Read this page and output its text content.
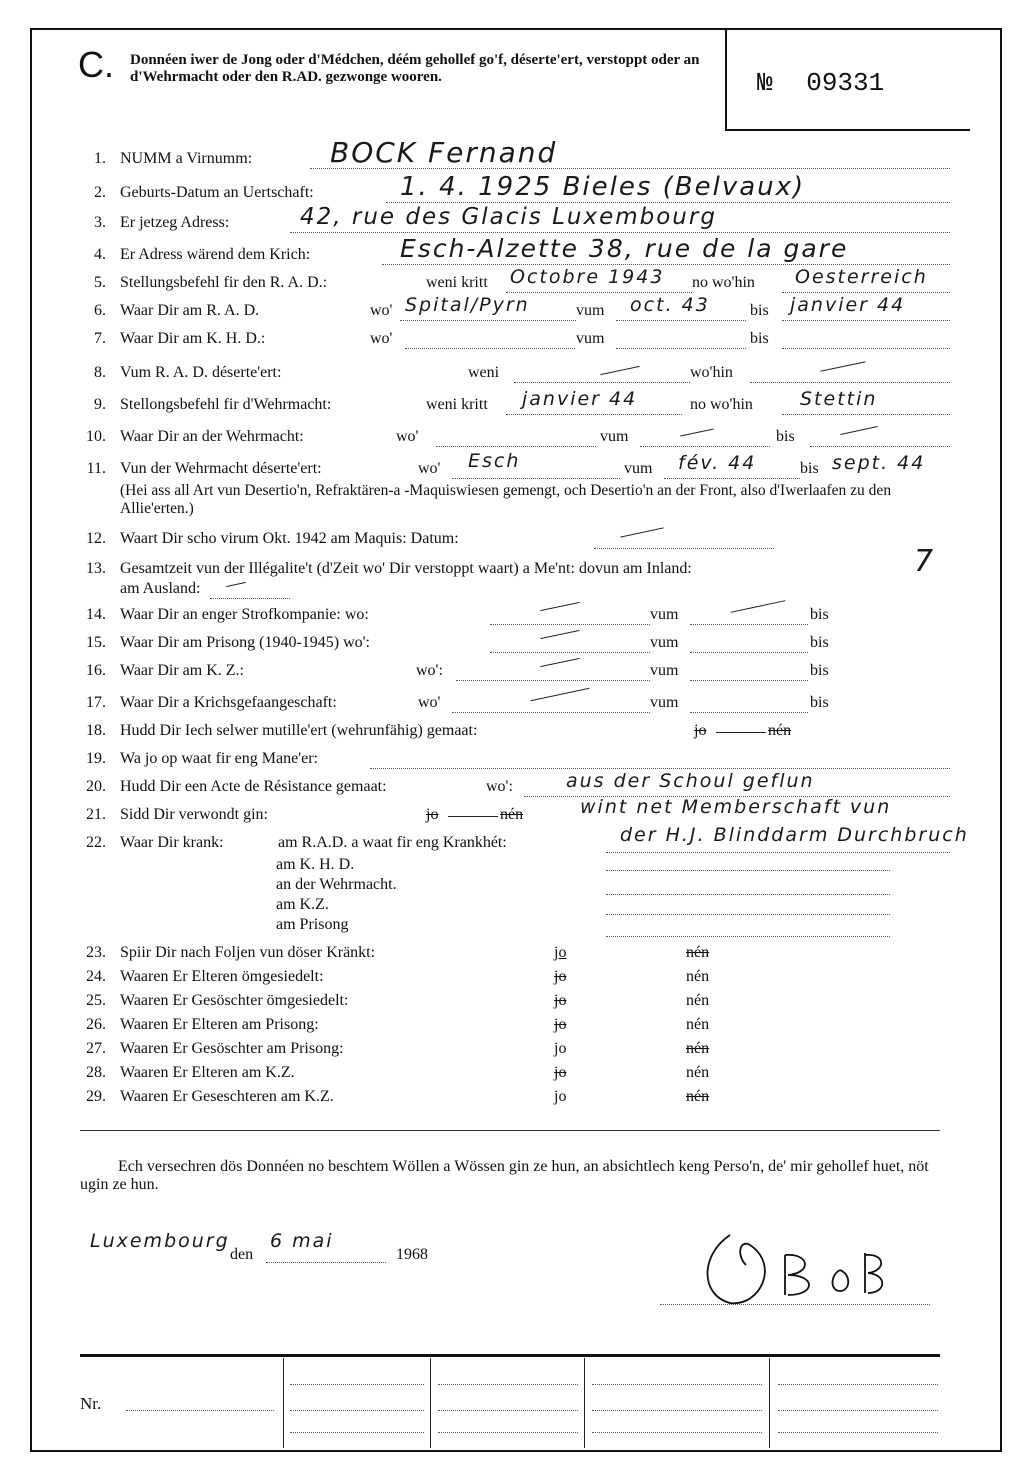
C. Donnéen iwer de Jong oder d'Médchen, déém gehollef go'f, déserte'ert, verstoppt oder an d'Wehrmacht oder den R.AD. gezwonge wooren.	№ 09331
1. NUMM a Virnumm:	BOCK Fernand
2. Geburts-Datum an Uertschaft:	1. 4. 1925 Bieles (Belvaux)
3. Er jetzeg Adress:	42, rue des Glacis Luxembourg
4. Er Adress wärend dem Krich:	Esch-Alzette 38, rue de la gare
5. Stellungsbefehl fir den R. A. D.:	weni kritt Octobre 1943 no wo'hin Oesterreich
6. Waar Dir am R. A. D.	wo' Spital/Pyrn	vum oct. 43	bis janvier 44
7. Waar Dir am K. H. D.:	wo'	vum	bis
8. Vum R. A. D. déserte'ert:	weni	wo'hin
9. Stellongsbefehl fir d'Wehrmacht:	weni kritt janvier 44	no wo'hin Stettin
10. Waar Dir an der Wehrmacht:	wo'	vum	bis
11. Vun der Wehrmacht déserte'ert:	wo' Esch	vum fév. 44	bis sept. 44
(Hei ass all Art vun Desertio'n, Refraktären-a -Maquiswiesen gemengt, och Desertio'n an der Front, also d'Iwerlaafen zu den Allie'erten.)
12. Waart Dir scho virum Okt. 1942 am Maquis: Datum:
13. Gesamtzeit vun der Illégalite't (d'Zeit wo' Dir verstoppt waart) a Me'nt: dovun am Inland:	7
am Ausland:
14. Waar Dir an enger Strofkompanie: wo:	vum	bis
15. Waar Dir am Prisong (1940-1945) wo':	vum	bis
16. Waar Dir am K. Z.:	wo':	vum	bis
17. Waar Dir a Krichsgefaangeschaft:	wo'	vum	bis
18. Hudd Dir Iech selwer mutille'ert (wehrunfähig) gemaat:	jo	nén
19. Wa jo op waat fir eng Mane'er:
20. Hudd Dir een Acte de Résistance gemaat:	wo':	aus der Schoul geflun
21. Sidd Dir verwondt gin:	jo	nén	wint net Memberschaft vun
22. Waar Dir krank:	am R.A.D. a waat fir eng Krankhét:	der H.J. Blinddarm Durchbruch
am K. H. D.
an der Wehrmacht.
am K.Z.
am Prisong
23. Spiir Dir nach Foljen vun döser Kränkt:	jo	nén
24. Waaren Er Elteren ömgesiedelt:	jo	nén
25. Waaren Er Gesöschter ömgesiedelt:	jo	nén
26. Waaren Er Elteren am Prisong:	jo	nén
27. Waaren Er Gesöschter am Prisong:	jo	nén
28. Waaren Er Elteren am K.Z.	jo	nén
29. Waaren Er Geseschteren am K.Z.	jo	nén
Ech versechren dös Donnéen no beschtem Wöllen a Wössen gin ze hun, an absichtlech keng Perso'n, de' mir gehollef huet, nöt ugin ze hun.
Luxembourg
den
6 mai
1968
Nr.
